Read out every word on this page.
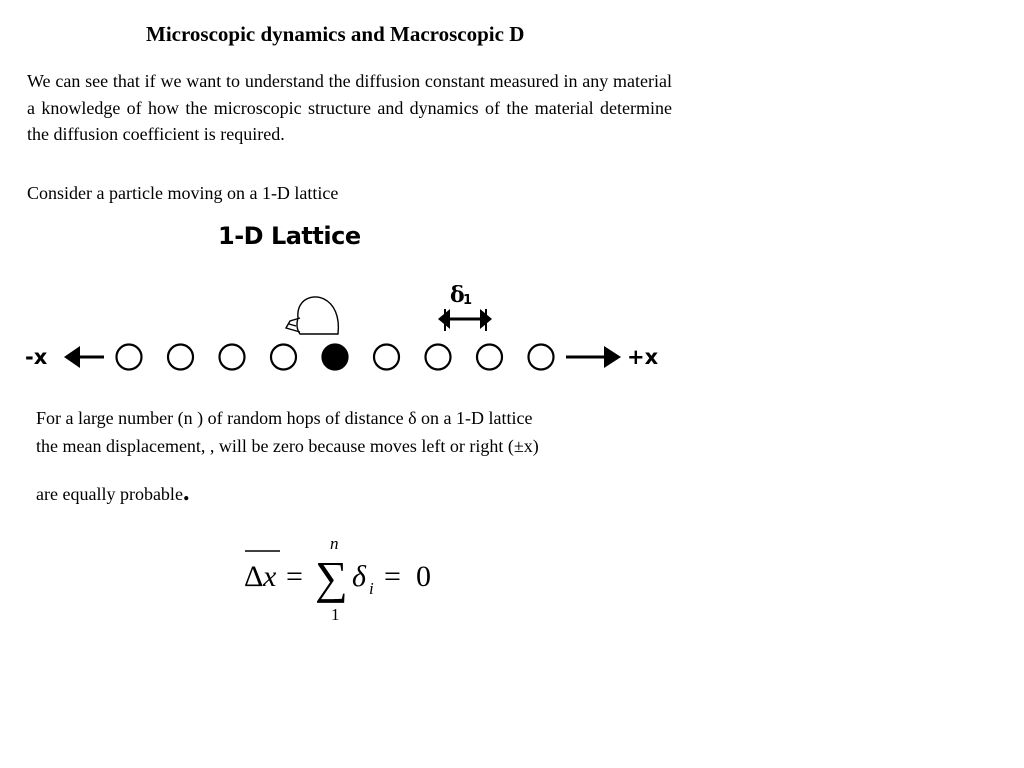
Microscopic dynamics and Macroscopic D
We can see that if we want to understand the diffusion constant measured in any material a knowledge of how the microscopic structure and dynamics of the material determine the diffusion coefficient is required.
Consider a particle moving on a 1-D lattice
1-D Lattice
-x	+x
δ
1
For a large number (n ) of random hops of distance δ on a 1-D lattice
the mean displacement, , will be zero because moves left or right (±x)
are equally probable.
Δ x =
n
∑
1
δ i = 0
